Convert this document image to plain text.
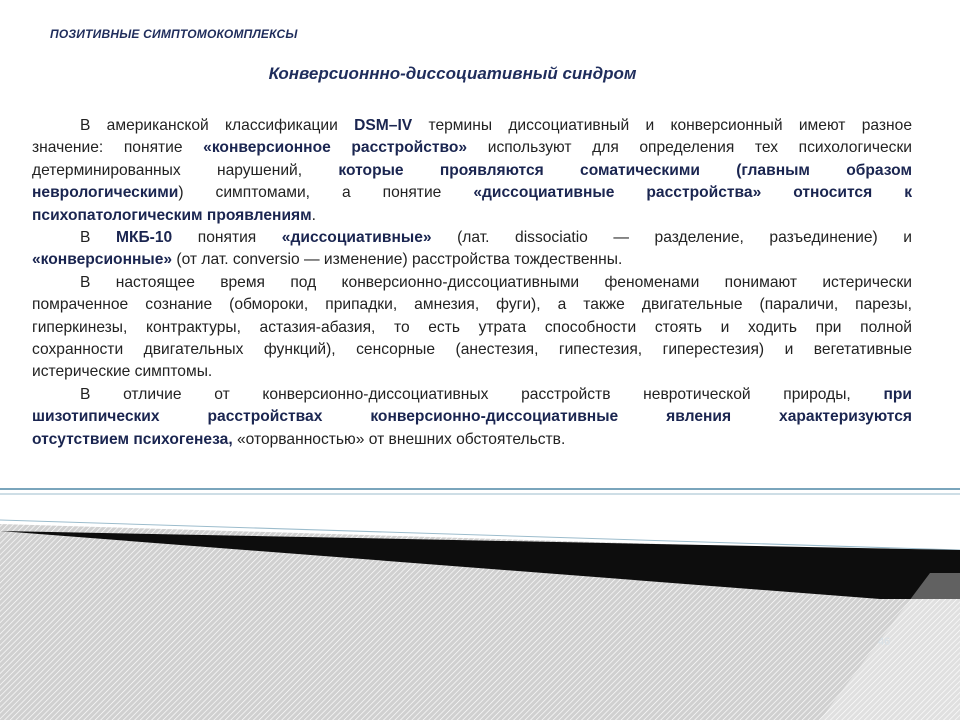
ПОЗИТИВНЫЕ СИМПТОМОКОМПЛЕКСЫ
Конверсионнно-диссоциативный синдром

В американской классификации DSM–IV термины диссоциативный и конверсионный имеют разное
значение: понятие «конверсионное расстройство» используют для определения тех психологически
детерминированных нарушений, которые проявляются соматическими (главным образом
неврологическими) симптомами, а понятие «диссоциативные расстройства» относится к
психопатологическим проявлениям.

В МКБ-10 понятия «диссоциативные» (лат. dissociatio — разделение, разъединение) и
«конверсионные» (от лат. conversio — изменение) расстройства тождественны.

В настоящее время под конверсионно-диссоциативными феноменами понимают истерически
помраченное сознание (обмороки, припадки, амнезия, фуги), а также двигательные (параличи, парезы,
гиперкинезы, контрактуры, астазия-абазия, то есть утрата способности стоять и ходить при полной
сохранности двигательных функций), сенсорные (анестезия, гипестезия, гиперестезия) и вегетативные
истерические симптомы.

В отличие от конверсионно-диссоциативных расстройств невротической природы, при
шизотипических расстройствах конверсионно-диссоциативные явления характеризуются
отсутствием психогенеза, «оторванностью» от внешних обстоятельств.

46
